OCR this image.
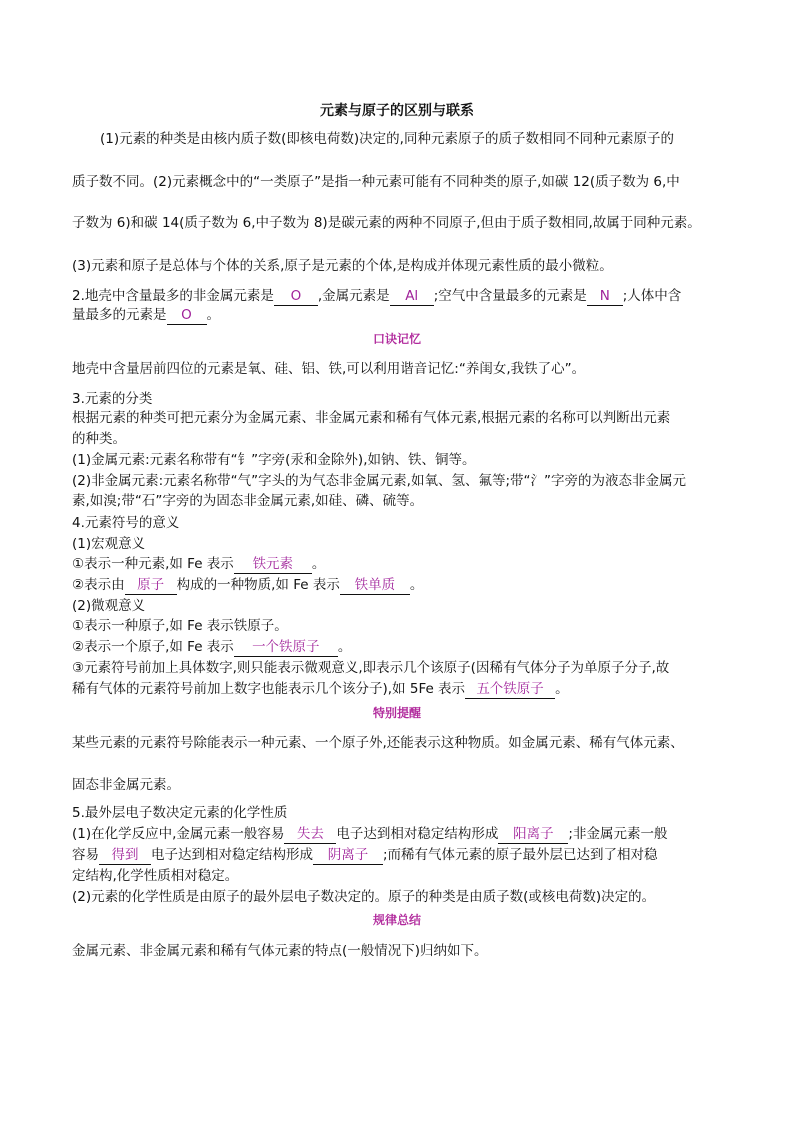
元素与原子的区别与联系
(1)元素的种类是由核内质子数(即核电荷数)决定的,同种元素原子的质子数相同不同种元素原子的
质子数不同。(2)元素概念中的“一类原子”是指一种元素可能有不同种类的原子,如碳 12(质子数为 6,中
子数为 6)和碳 14(质子数为 6,中子数为 8)是碳元素的两种不同原子,但由于质子数相同,故属于同种元素。
(3)元素和原子是总体与个体的关系,原子是元素的个体,是构成并体现元素性质的最小微粒。
2.地壳中含量最多的非金属元素是 O ,金属元素是 Al ;空气中含量最多的元素是 N ;人体中含
量最多的元素是 O 。
口诀记忆
地壳中含量居前四位的元素是氧、硅、铝、铁,可以利用谐音记忆:“养闺女,我铁了心”。
3.元素的分类
根据元素的种类可把元素分为金属元素、非金属元素和稀有气体元素,根据元素的名称可以判断出元素
的种类。
(1)金属元素:元素名称带有“钅”字旁(汞和金除外),如钠、铁、铜等。
(2)非金属元素:元素名称带“气”字头的为气态非金属元素,如氧、氢、氟等;带“氵”字旁的为液态非金属元
素,如溴;带“石”字旁的为固态非金属元素,如硅、磷、硫等。
4.元素符号的意义
(1)宏观意义
①表示一种元素,如 Fe 表示 铁元素 。
②表示由 原子 构成的一种物质,如 Fe 表示 铁单质 。
(2)微观意义
①表示一种原子,如 Fe 表示铁原子。
②表示一个原子,如 Fe 表示 一个铁原子 。
③元素符号前加上具体数字,则只能表示微观意义,即表示几个该原子(因稀有气体分子为单原子分子,故
稀有气体的元素符号前加上数字也能表示几个该分子),如 5Fe 表示 五个铁原子 。
特别提醒
某些元素的元素符号除能表示一种元素、一个原子外,还能表示这种物质。如金属元素、稀有气体元素、
固态非金属元素。
5.最外层电子数决定元素的化学性质
(1)在化学反应中,金属元素一般容易 失去 电子达到相对稳定结构形成 阳离子 ;非金属元素一般
容易 得到 电子达到相对稳定结构形成 阴离子 ;而稀有气体元素的原子最外层已达到了相对稳
定结构,化学性质相对稳定。
(2)元素的化学性质是由原子的最外层电子数决定的。原子的种类是由质子数(或核电荷数)决定的。
规律总结
金属元素、非金属元素和稀有气体元素的特点(一般情况下)归纳如下。
